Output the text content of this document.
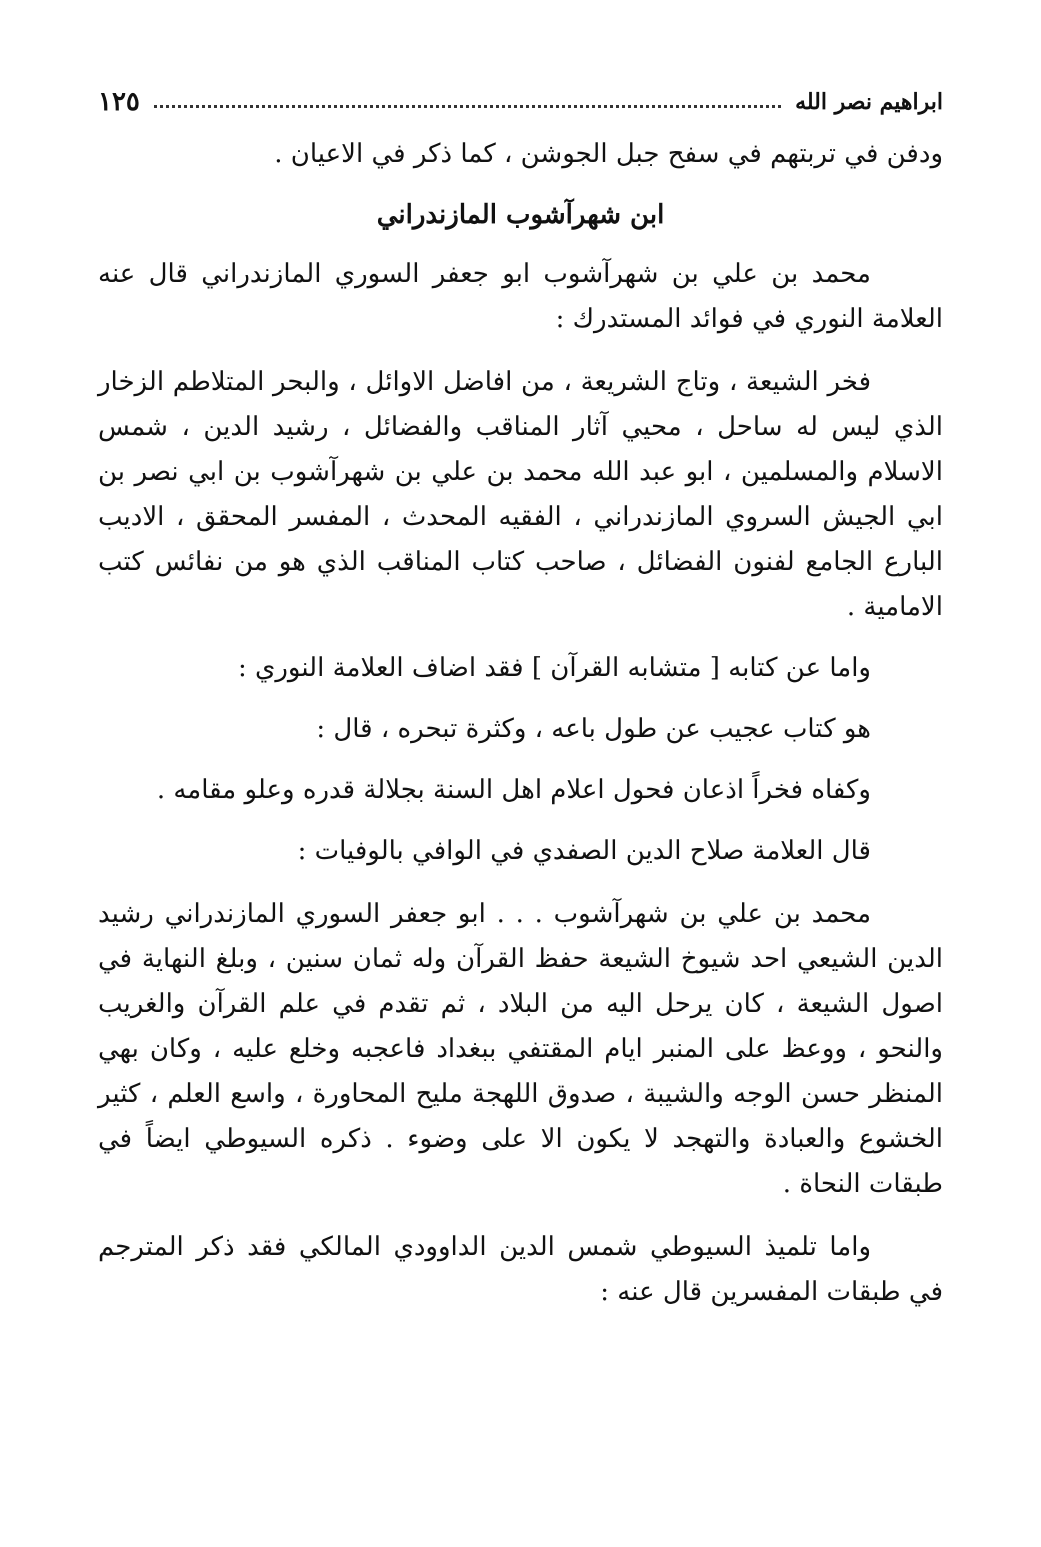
ابراهيم نصر الله
١٢٥

ودفن في تربتهم في سفح جبل الجوشن ، كما ذكر في الاعيان .

ابن شهرآشوب المازندراني

محمد بن علي بن شهرآشوب ابو جعفر السوري المازندراني قال عنه العلامة النوري في فوائد المستدرك :

فخر الشيعة ، وتاج الشريعة ، من افاضل الاوائل ، والبحر المتلاطم الزخار الذي ليس له ساحل ، محيي آثار المناقب والفضائل ، رشيد الدين ، شمس الاسلام والمسلمين ، ابو عبد الله محمد بن علي بن شهرآشوب بن ابي نصر بن ابي الجيش السروي المازندراني ، الفقيه المحدث ، المفسر المحقق ، الاديب البارع الجامع لفنون الفضائل ، صاحب كتاب المناقب الذي هو من نفائس كتب الامامية .

واما عن كتابه [ متشابه القرآن ] فقد اضاف العلامة النوري :
هو كتاب عجيب عن طول باعه ، وكثرة تبحره ، قال :
وكفاه فخراً اذعان فحول اعلام اهل السنة بجلالة قدره وعلو مقامه .
قال العلامة صلاح الدين الصفدي في الوافي بالوفيات :

محمد بن علي بن شهرآشوب . . . ابو جعفر السوري المازندراني رشيد الدين الشيعي احد شيوخ الشيعة حفظ القرآن وله ثمان سنين ، وبلغ النهاية في اصول الشيعة ، كان يرحل اليه من البلاد ، ثم تقدم في علم القرآن والغريب والنحو ، ووعظ على المنبر ايام المقتفي ببغداد فاعجبه وخلع عليه ، وكان بهي المنظر حسن الوجه والشيبة ، صدوق اللهجة مليح المحاورة ، واسع العلم ، كثير الخشوع والعبادة والتهجد لا يكون الا على وضوء . ذكره السيوطي ايضاً في طبقات النحاة .

واما تلميذ السيوطي شمس الدين الداوودي المالكي فقد ذكر المترجم في طبقات المفسرين قال عنه :
